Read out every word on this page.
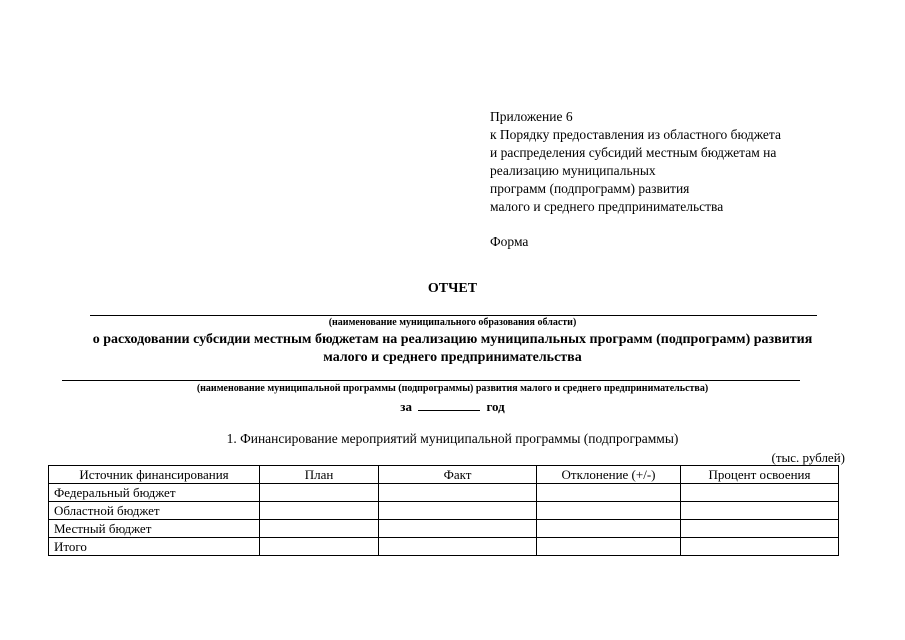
Приложение 6
к Порядку предоставления из областного бюджета
и распределения субсидий местным бюджетам на
реализацию муниципальных
программ (подпрограмм) развития
малого и среднего предпринимательства
Форма
ОТЧЕТ
(наименование муниципального образования области)
о расходовании субсидии местным бюджетам на реализацию муниципальных программ (подпрограмм) развития
малого и среднего предпринимательства
(наименование муниципальной программы (подпрограммы) развития малого и среднего предпринимательства)
за	год
1. Финансирование мероприятий муниципальной программы (подпрограммы)
(тыс. рублей)
Источник финансирования	План	Факт	Отклонение (+/-)	Процент освоения
Федеральный бюджет				
Областной бюджет				
Местный бюджет				
Итого				
